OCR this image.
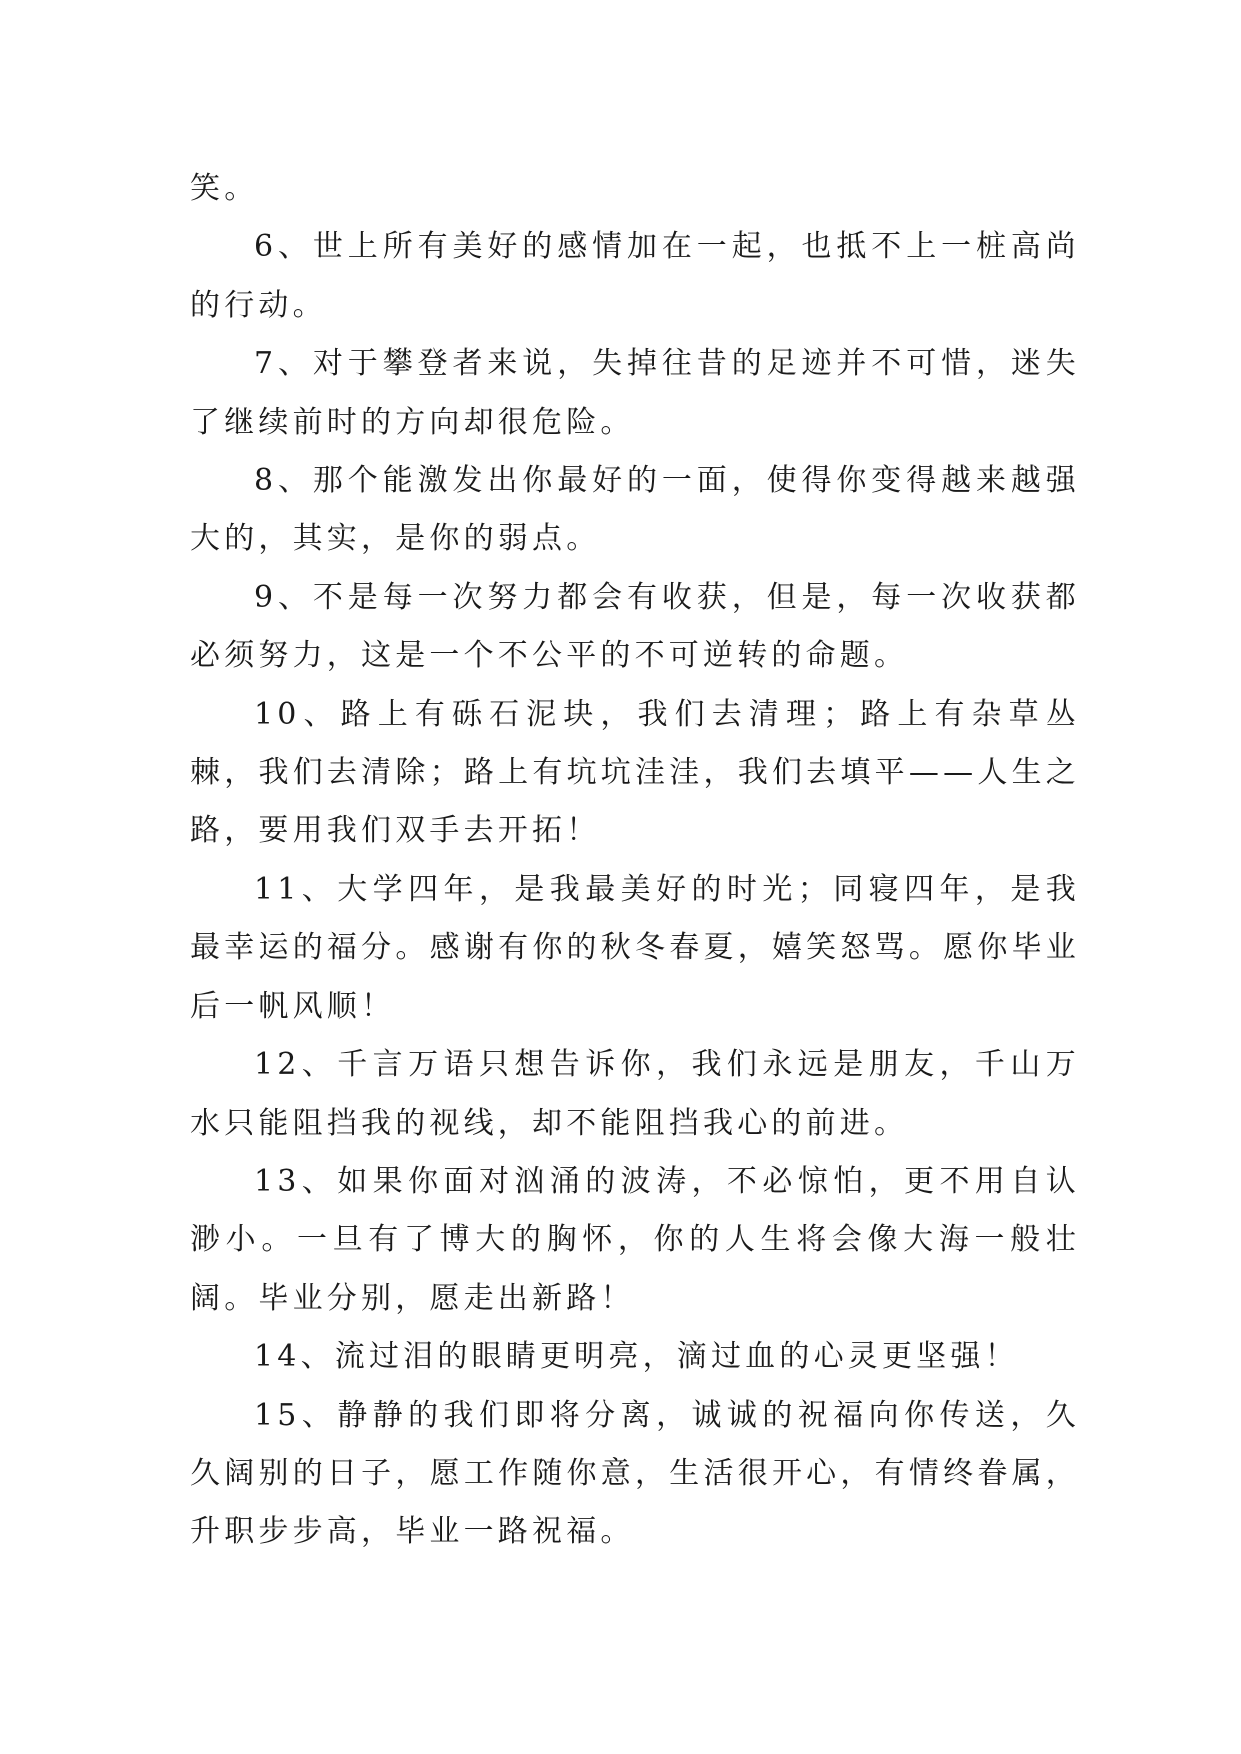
笑。

6、世上所有美好的感情加在一起，也抵不上一桩高尚的行动。

7、对于攀登者来说，失掉往昔的足迹并不可惜，迷失了继续前时的方向却很危险。

8、那个能激发出你最好的一面，使得你变得越来越强大的，其实，是你的弱点。

9、不是每一次努力都会有收获，但是，每一次收获都必须努力，这是一个不公平的不可逆转的命题。

10、路上有砾石泥块，我们去清理；路上有杂草丛棘，我们去清除；路上有坑坑洼洼，我们去填平——人生之路，要用我们双手去开拓！

11、大学四年，是我最美好的时光；同寝四年，是我最幸运的福分。感谢有你的秋冬春夏，嬉笑怒骂。愿你毕业后一帆风顺！

12、千言万语只想告诉你，我们永远是朋友，千山万水只能阻挡我的视线，却不能阻挡我心的前进。

13、如果你面对汹涌的波涛，不必惊怕，更不用自认渺小。一旦有了博大的胸怀，你的人生将会像大海一般壮阔。毕业分别，愿走出新路！

14、流过泪的眼睛更明亮，滴过血的心灵更坚强！

15、静静的我们即将分离，诚诚的祝福向你传送，久久阔别的日子，愿工作随你意，生活很开心，有情终眷属，升职步步高，毕业一路祝福。
